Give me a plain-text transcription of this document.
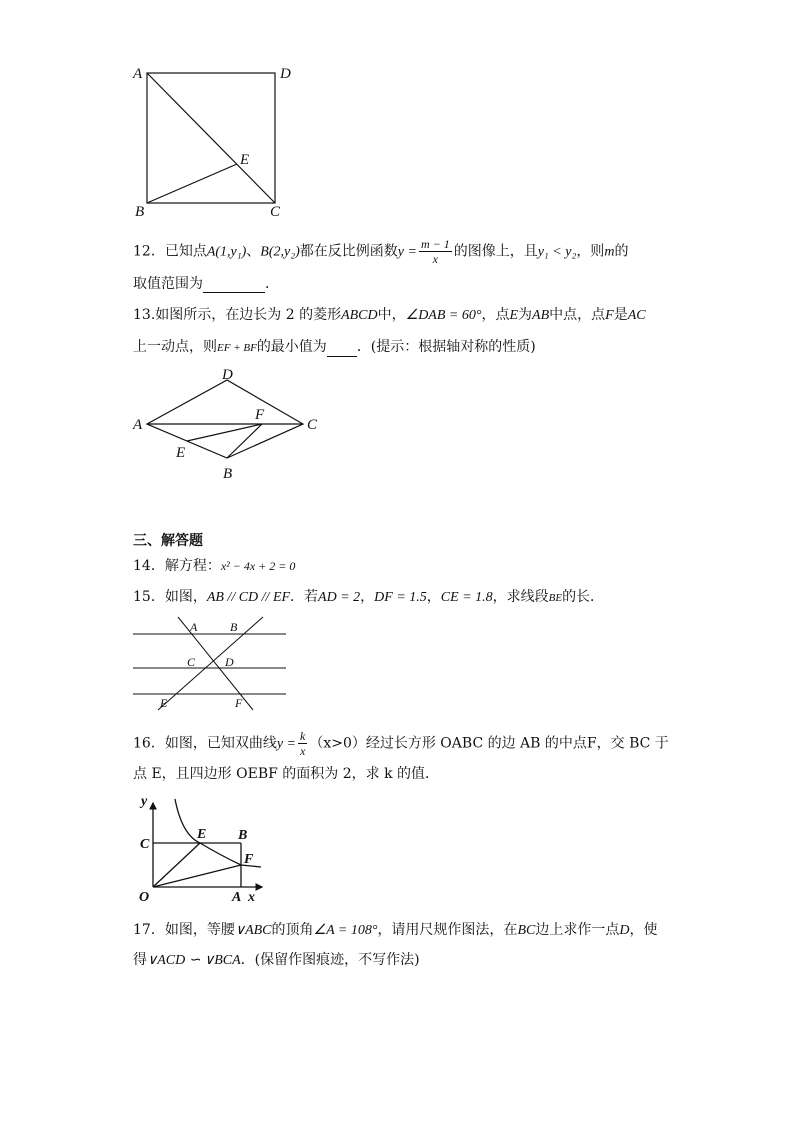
A	D
E
B	C
12．已知点A(1,y₁)、B(2,y₂)都在反比例函数$y = \frac{m - 1}{x}$ 的图像上，且y₁ < y₂，则m的
取值范围为	．
13.如图所示，在边长为 2 的菱形ABCD中，∠DAB = 60°，点E为AB中点，点F是AC
上一动点，则EF + BF的最小值为 ．(提示：根据轴对称的性质)
A
D
F
C
E
B
三、解答题
14．解方程：x² − 4x + 2 = 0
15．如图，AB // CD // EF．若AD = 2，DF = 1.5，CE = 1.8，求线段BE的长．
A	B
C D
E	F
16．如图，已知双曲线$y = \frac{k}{x} (x>0)$经过长方形 OABC 的边 AB 的中点F，交 BC 于
点 E，且四边形 OEBF 的面积为 2，求 k 的值．
y
C
E B
F
O	A x
17．如图，等腰∨ABC的顶角∠A = 108°，请用尺规作图法，在BC边上求作一点D，使
得∨ACD ∽ ∨BCA．(保留作图痕迹，不写作法)
